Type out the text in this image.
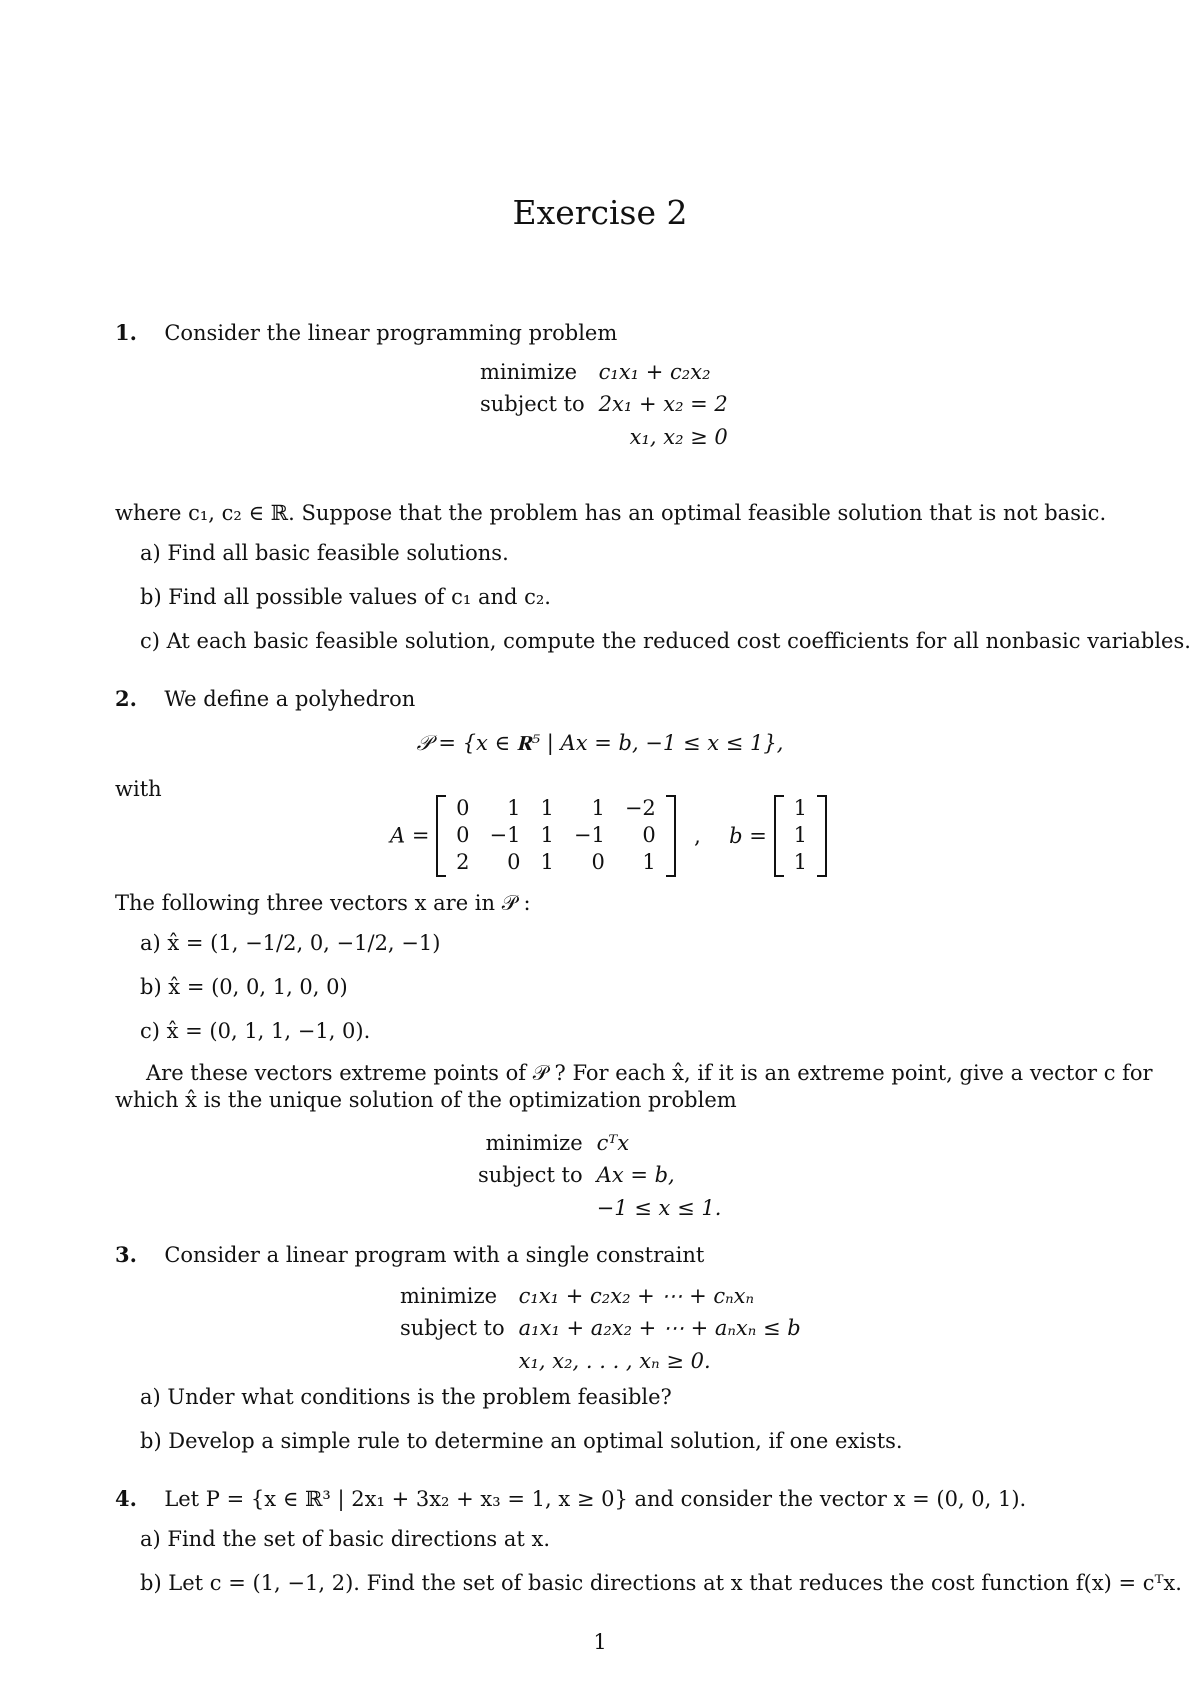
Exercise 2
1. Consider the linear programming problem
minimize	c₁x₁ + c₂x₂
subject to	2x₁ + x₂ = 2
	x₁, x₂ ≥ 0
where c₁, c₂ ∈ ℝ. Suppose that the problem has an optimal feasible solution that is not basic.
a) Find all basic feasible solutions.
b) Find all possible values of c₁ and c₂.
c) At each basic feasible solution, compute the reduced cost coefficients for all nonbasic variables.
2. We define a polyhedron
𝒫 = {x ∈ 𝐑⁵ | Ax = b, −1 ≤ x ≤ 1},
with
A =
0	1	1	1	−2
0	−1	1	−1	0
2	0	1	0	1
, b =
1
1
1
The following three vectors x are in 𝒫 :
a) x̂ = (1, −1/2, 0, −1/2, −1)
b) x̂ = (0, 0, 1, 0, 0)
c) x̂ = (0, 1, 1, −1, 0).
Are these vectors extreme points of 𝒫 ? For each x̂, if it is an extreme point, give a vector c for
which x̂ is the unique solution of the optimization problem
minimize	cᵀx
subject to	Ax = b,
	−1 ≤ x ≤ 1.
3. Consider a linear program with a single constraint
minimize	c₁x₁ + c₂x₂ + ⋯ + cₙxₙ
subject to	a₁x₁ + a₂x₂ + ⋯ + aₙxₙ ≤ b
	x₁, x₂, . . . , xₙ ≥ 0.
a) Under what conditions is the problem feasible?
b) Develop a simple rule to determine an optimal solution, if one exists.
4. Let P = {x ∈ ℝ³ | 2x₁ + 3x₂ + x₃ = 1, x ≥ 0} and consider the vector x = (0, 0, 1).
a) Find the set of basic directions at x.
b) Let c = (1, −1, 2). Find the set of basic directions at x that reduces the cost function f(x) = cᵀx.
1
